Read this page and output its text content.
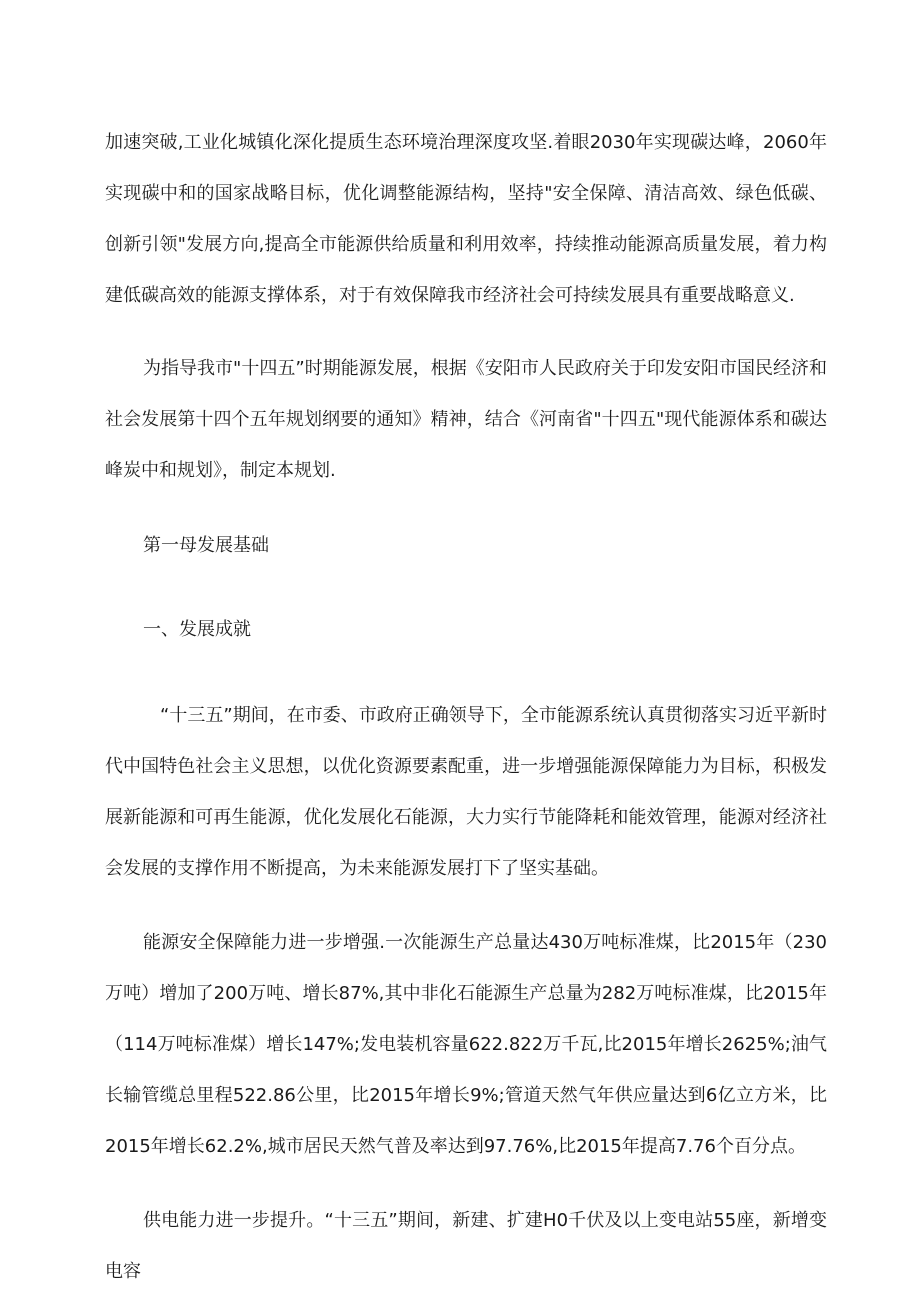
加速突破,工业化城镇化深化提质生态环境治理深度攻坚.着眼2030年实现碳达峰，2060年实现碳中和的国家战略目标，优化调整能源结构，坚持"安全保障、清洁高效、绿色低碳、创新引领"发展方向,提高全市能源供给质量和利用效率，持续推动能源高质量发展，着力构建低碳高效的能源支撑体系，对于有效保障我市经济社会可持续发展具有重要战略意义.

为指导我市"十四五”时期能源发展，根据《安阳市人民政府关于印发安阳市国民经济和社会发展第十四个五年规划纲要的通知》精神，结合《河南省"十四五"现代能源体系和碳达峰炭中和规划》，制定本规划.

第一母发展基础
一、发展成就

“十三五”期间，在市委、市政府正确领导下，全市能源系统认真贯彻落实习近平新时代中国特色社会主义思想，以优化资源要素配重，进一步增强能源保障能力为目标，积极发展新能源和可再生能源，优化发展化石能源，大力实行节能降耗和能效管理，能源对经济社会发展的支撑作用不断提高，为未来能源发展打下了坚实基础。

能源安全保障能力进一步增强.一次能源生产总量达430万吨标准煤，比2015年（230万吨）增加了200万吨、增长87%,其中非化石能源生产总量为282万吨标准煤，比2015年（114万吨标准煤）增长147%;发电装机容量622.822万千瓦,比2015年增长2625%;油气长输管缆总里程522.86公里，比2015年增长9%;管道天然气年供应量达到6亿立方米，比2015年增长62.2%,城市居民天然气普及率达到97.76%,比2015年提高7.76个百分点。

供电能力进一步提升。“十三五”期间，新建、扩建H0千伏及以上变电站55座，新增变电容
